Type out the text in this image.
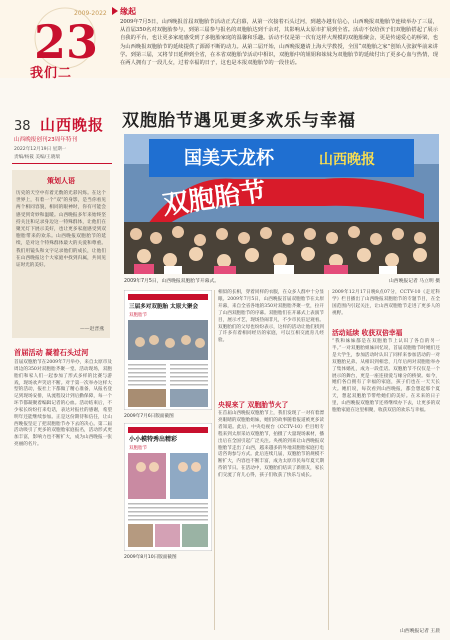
23
2009-2022
我们二
缘起
2009年7月5日，山西晚报首届双胞胎节活动正式启幕，从第一次接着石头过河，到越办越有信心，山西晚报双胞胎节连续举办了三届，从首届350名对双胞胎参与，到第三届参与报名的双胞胎达到千余对，其影响从太原市扩展到全省。活动不仅给孩子们双胞胎搭起了展示自我的平台，也让更多家庭感受到了多胞胎家庭的温馨和乐趣。活动不仅是第一次有这样大规模的双胞胎聚会，更是传递爱心的桥梁，也为山西晚报双胞胎节的延续提供了源源不断的动力。从第二届开始，山西晚报邀请上海大学教授，全国“双胞胎之家”创始人张淑华前来讲学。到第三届，又将节日延伸到全省，在本省双胞胎节活动中相识，双胞胎中的姐姐和妹妹为双胞胎节的延续付出了更多心血与热情，现在两人拥有了一段儿女，过着幸福的日子，这也是本报双胞胎节的一段佳话。
38 山西晚报
山西晚报创刊23周年特刊
2022年12月19日 星期一
责编/杨筱 美编/王晓瑞
策划人语
历史的天空中有着无数的光彩闪烁。在这个世界上，有着一个“双”的身影，是当你看见两个相同容貌，相同的眼神时，你有可能会感受到奇妙和温暖。山西晚报多年来始终坚持关注和记录身边这一特殊群体，让他们在聚光灯下展示美好，也让更多家庭感受到双胞胎带来的欢乐。山西晚报双胞胎节的延续，是对这个特殊群体最大的关爱和尊重。我们用镜头和文字记录他们的成长，让他们在山西晚报这个大家庭中找到归属，共同见证时光的美好。
——赵晋燕
首届活动 凝着石头过河
首届双胞胎节在2009年7月举办，来自太原市及周边的350对双胞胎齐聚一堂。活动现场，双胞胎们和家人们一起参加了形式多样的比赛与游戏，现场欢声笑语不断。对于第一次举办这样大型的活动，报社上下都做了精心准备，从报名登记到现场安排，从流程设计到后勤保障，每一个环节都凝聚着编辑记者的心血。活动结束后，不少家长纷纷打来电话，表达对报社的感谢，希望明年还能继续参加。正是这份期待和信任，让山西晚报坚定了把双胞胎节办下去的决心。第二届活动吸引了更多的双胞胎家庭报名，活动形式更加丰富，影响力也不断扩大，成为山西晚报一张亮丽的名片。
双胞胎节遇见更多欢乐与幸福
国美天龙杯	山西晚报
双胞胎节
2009年7月5日，山西晚报双胞胎节开幕式。	山西晚报记者 马立明 摄
三届多对双胞胎 太原大聚会
双胞胎节
2009年7月6日版面截图
小小模特秀出精彩
双胞胎节
2009年8月10日版面截图
相似的长相，穿着同样的衣服，在众多人群中十分显眼。2009年7月5日，山西晚报首届双胞胎节在太原开幕，来自全省各地的350对双胞胎齐聚一堂，拉开了山西双胞胎节的序幕。双胞胎们在开幕式上表演节目，展示才艺，现场热闹非凡，不少市民驻足观看。双胞胎们的父母也纷纷表示，这样的活动让他们找到了许多有着相同经历的家庭，可以互相交流育儿经验。
央视来了 双胞胎节火了
在首届山西晚报双胞胎节上，我们发现了一对有着漂亮眼睛的双胞胎姐妹，她们的故事随着报道被更多读者知道。此后，中央电视台《CCTV-10》栏目组专程来到太原采访双胞胎节，拍摄了大量现场素材，播出后在全国引起广泛关注。央视的到来让山西晚报双胞胎节走出了山西，越来越多的外地双胞胎家庭打电话咨询参与方式。此后连续几届，双胞胎节的规模不断扩大，内容也不断丰富，成为太原市民每年夏天期待的节日。在活动中，双胞胎们结识了新朋友，家长们交流了育儿心得，孩子们收获了快乐与成长。
2009年12月17日晚8点07分，CCTV-10《走近科学》栏目播出了山西晚报双胞胎节的专题节目，在全国范围内引起关注，让山西双胞胎节走进了更多人的视野。
活动延续 收获双倍幸福
“我和妹妹都是在双胞胎节上认识了各自的另一半。”一对双胞胎姐妹回忆说，首届双胞胎节时她们还是大学生，参加活动时认识了同样来参加活动的一对双胞胎兄弟。从相识到相恋，几年后两对双胞胎举办了集体婚礼，成为一段佳话。双胞胎节不仅仅是一个展示的舞台，更是一座连接爱与缘分的桥梁。如今，她们各自拥有了幸福的家庭，孩子们也在一天天长大。她们说，每次看到山西晚报，都会想起那个夏天，想起双胞胎节带给她们的美好。在未来的日子里，山西晚报双胞胎节还将继续办下去，让更多的双胞胎家庭在这里相聚，收获双倍的欢乐与幸福。
山西晚报记者 王晨
